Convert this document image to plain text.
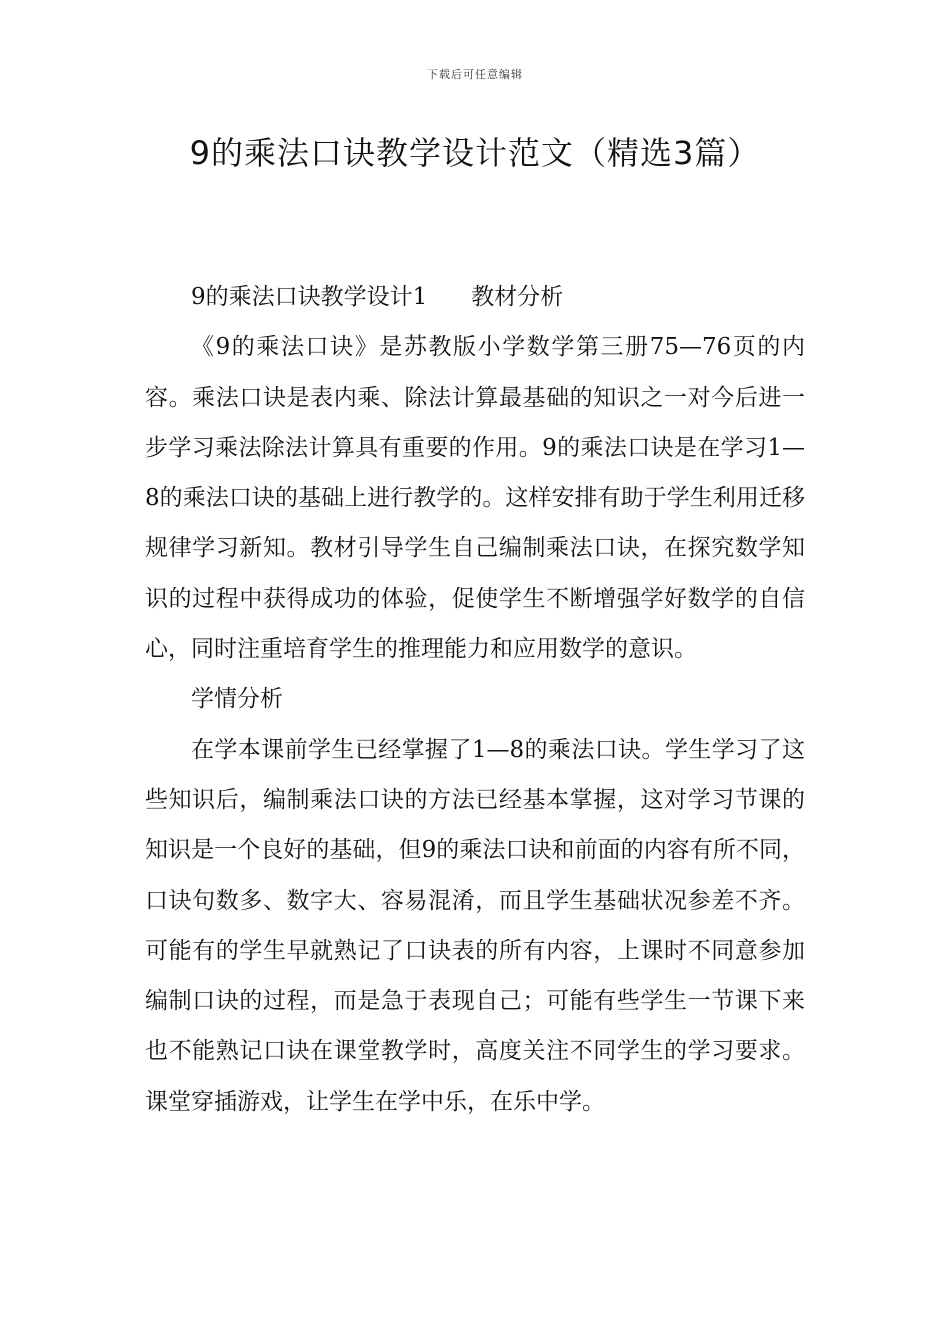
下载后可任意编辑
9的乘法口诀教学设计范文（精选3篇）

9的乘法口诀教学设计1 教材分析

《9的乘法口诀》是苏教版小学数学第三册75—76页的内容。乘法口诀是表内乘、除法计算最基础的知识之一对今后进一步学习乘法除法计算具有重要的作用。9的乘法口诀是在学习1—8的乘法口诀的基础上进行教学的。这样安排有助于学生利用迁移规律学习新知。教材引导学生自己编制乘法口诀，在探究数学知识的过程中获得成功的体验，促使学生不断增强学好数学的自信心，同时注重培育学生的推理能力和应用数学的意识。

学情分析

在学本课前学生已经掌握了1—8的乘法口诀。学生学习了这些知识后，编制乘法口诀的方法已经基本掌握，这对学习节课的知识是一个良好的基础，但9的乘法口诀和前面的内容有所不同，口诀句数多、数字大、容易混淆，而且学生基础状况参差不齐。可能有的学生早就熟记了口诀表的所有内容，上课时不同意参加编制口诀的过程，而是急于表现自己；可能有些学生一节课下来也不能熟记口诀在课堂教学时，高度关注不同学生的学习要求。课堂穿插游戏，让学生在学中乐，在乐中学。
